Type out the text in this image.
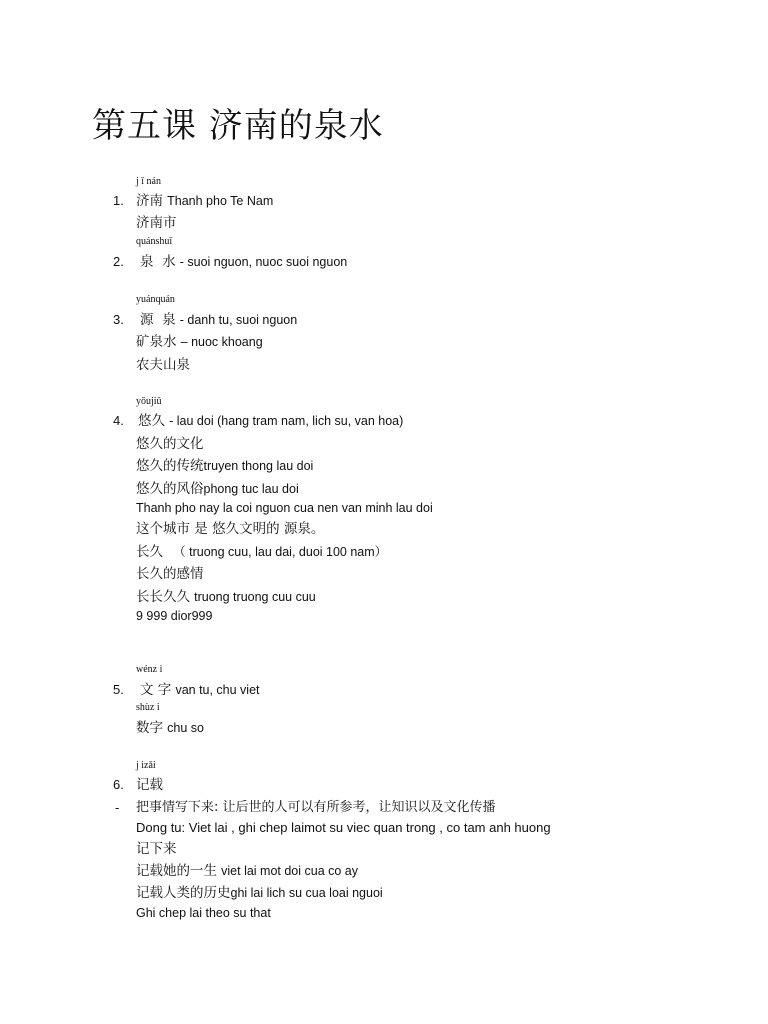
第五课 济南的泉水
j ǐ nán
1. 济南 Thanh pho Te Nam
济南市
quánshuǐ
2. 泉  水 - suoi nguon, nuoc suoi nguon
yuánquán
3. 源  泉 - danh tu, suoi nguon
矿泉水 – nuoc khoang
农夫山泉
yōujiǔ
4. 悠久 - lau doi (hang tram nam, lich su, van hoa)
悠久的文化
悠久的传统truyen thong lau doi
悠久的风俗phong tuc lau doi
Thanh pho nay la coi nguon cua nen van minh lau doi
这个城市 是 悠久文明的 源泉。
长久 （ truong cuu, lau dai, duoi 100 nam）
长久的感情
长长久久 truong truong cuu cuu
9 999 dior999
wénz i
5. 文 字 van tu, chu viet
shùz i
数字 chu so
j izǎi
6. 记载
- 把事情写下来: 让后世的人可以有所参考，让知识以及文化传播
Dong tu: Viet lai , ghi chep laimot su viec quan trong , co tam anh huong
记下来
记载她的一生 viet lai mot doi cua co ay
记载人类的历史ghi lai lich su cua loai nguoi
Ghi chep lai theo su that
